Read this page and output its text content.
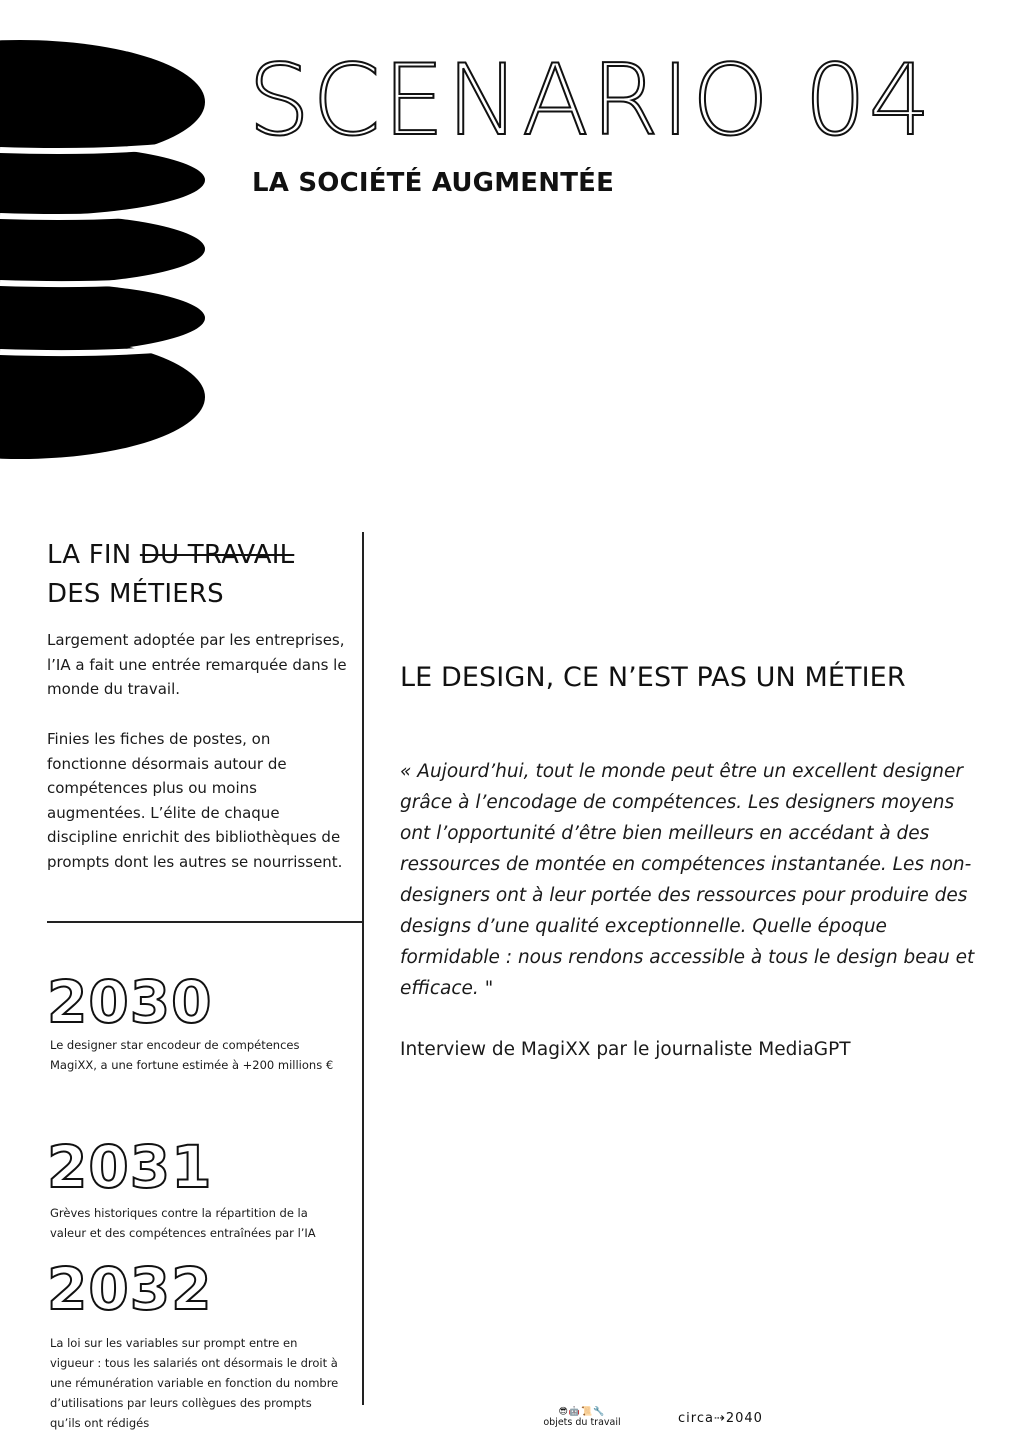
SCENARIO 04
LA SOCIÉTÉ AUGMENTÉE
LA FIN DU TRAVAIL
DES MÉTIERS

Largement adoptée par les entreprises, l’IA a fait une entrée remarquée dans le monde du travail.

Finies les fiches de postes, on fonctionne désormais autour de compétences plus ou moins augmentées. L’élite de chaque discipline enrichit des bibliothèques de prompts dont les autres se nourrissent.

2030

Le designer star encodeur de compétences MagiXX, a une fortune estimée à +200 millions €

2031

Grèves historiques contre la répartition de la valeur et des compétences entraînées par l’IA

2032

La loi sur les variables sur prompt entre en vigueur : tous les salariés ont désormais le droit à une rémunération variable en fonction du nombre d’utilisations par leurs collègues des prompts qu’ils ont rédigés

LE DESIGN, CE N’EST PAS UN MÉTIER

« Aujourd’hui, tout le monde peut être un excellent designer grâce à l’encodage de compétences. Les designers moyens ont l’opportunité d’être bien meilleurs en accédant à des ressources de montée en compétences instantanée. Les non-designers ont à leur portée des ressources pour produire des designs d’une qualité exceptionnelle. Quelle époque formidable : nous rendons accessible à tous le design beau et efficace. "

Interview de MagiXX par le journaliste MediaGPT

😎🤖📜🔧
objets du travail	circa⇢2040
